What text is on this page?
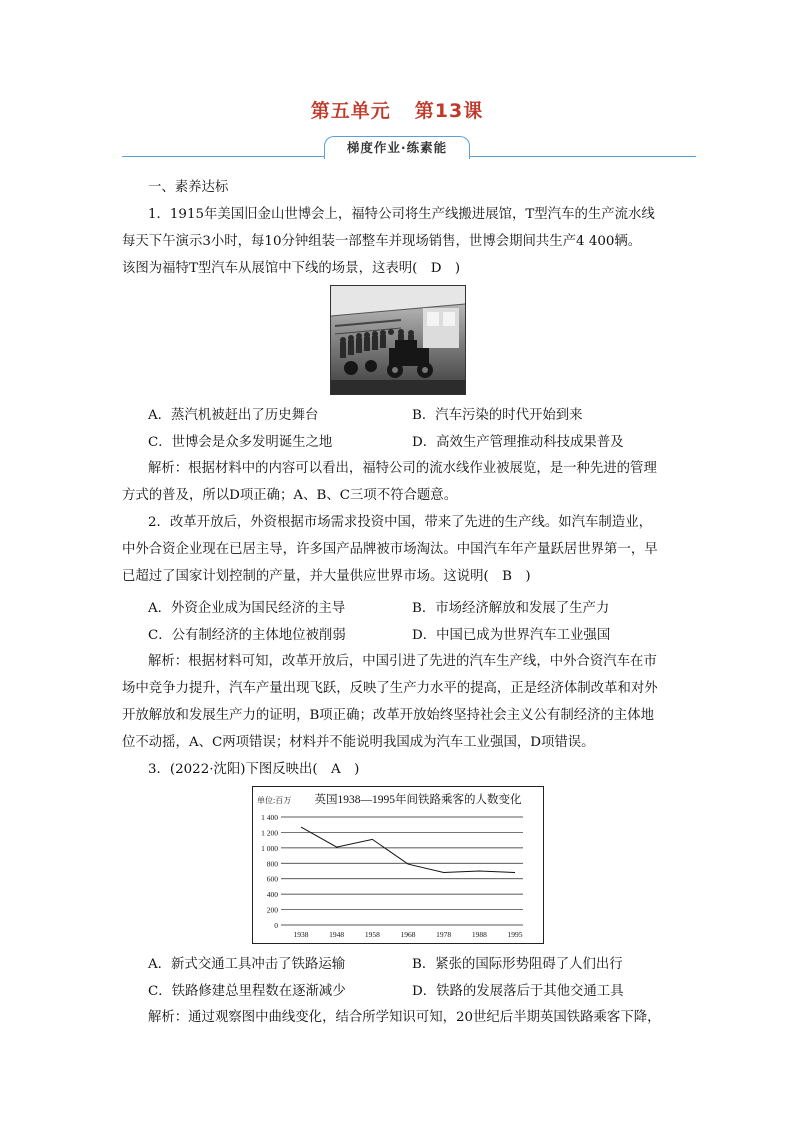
第五单元 第13课
梯度作业·练素能
一、素养达标
1．1915年美国旧金山世博会上，福特公司将生产线搬进展馆，T型汽车的生产流水线
每天下午演示3小时，每10分钟组装一部整车并现场销售，世博会期间共生产4 400辆。
该图为福特T型汽车从展馆中下线的场景，这表明(　D　)
A．蒸汽机被赶出了历史舞台	B．汽车污染的时代开始到来
C．世博会是众多发明诞生之地	D．高效生产管理推动科技成果普及
解析：根据材料中的内容可以看出，福特公司的流水线作业被展览，是一种先进的管理
方式的普及，所以D项正确；A、B、C三项不符合题意。
2．改革开放后，外资根据市场需求投资中国，带来了先进的生产线。如汽车制造业，
中外合资企业现在已居主导，许多国产品牌被市场淘汰。中国汽车年产量跃居世界第一，早
已超过了国家计划控制的产量，并大量供应世界市场。这说明(　B　)
A．外资企业成为国民经济的主导	B．市场经济解放和发展了生产力
C．公有制经济的主体地位被削弱	D．中国已成为世界汽车工业强国
解析：根据材料可知，改革开放后，中国引进了先进的汽车生产线，中外合资汽车在市
场中竞争力提升，汽车产量出现飞跃，反映了生产力水平的提高，正是经济体制改革和对外
开放解放和发展生产力的证明，B项正确；改革开放始终坚持社会主义公有制经济的主体地
位不动摇，A、C两项错误；材料并不能说明我国成为汽车工业强国，D项错误。
3．(2022·沈阳)下图反映出(　A　)
单位:百万 英国1938—1995年间铁路乘客的人数变化
0
200
400
600
800
1 000
1 200
1 400
1938	1948	1958	1968	1978	1988	1995
A．新式交通工具冲击了铁路运输	B．紧张的国际形势阻碍了人们出行
C．铁路修建总里程数在逐渐减少	D．铁路的发展落后于其他交通工具
解析：通过观察图中曲线变化，结合所学知识可知，20世纪后半期英国铁路乘客下降，
